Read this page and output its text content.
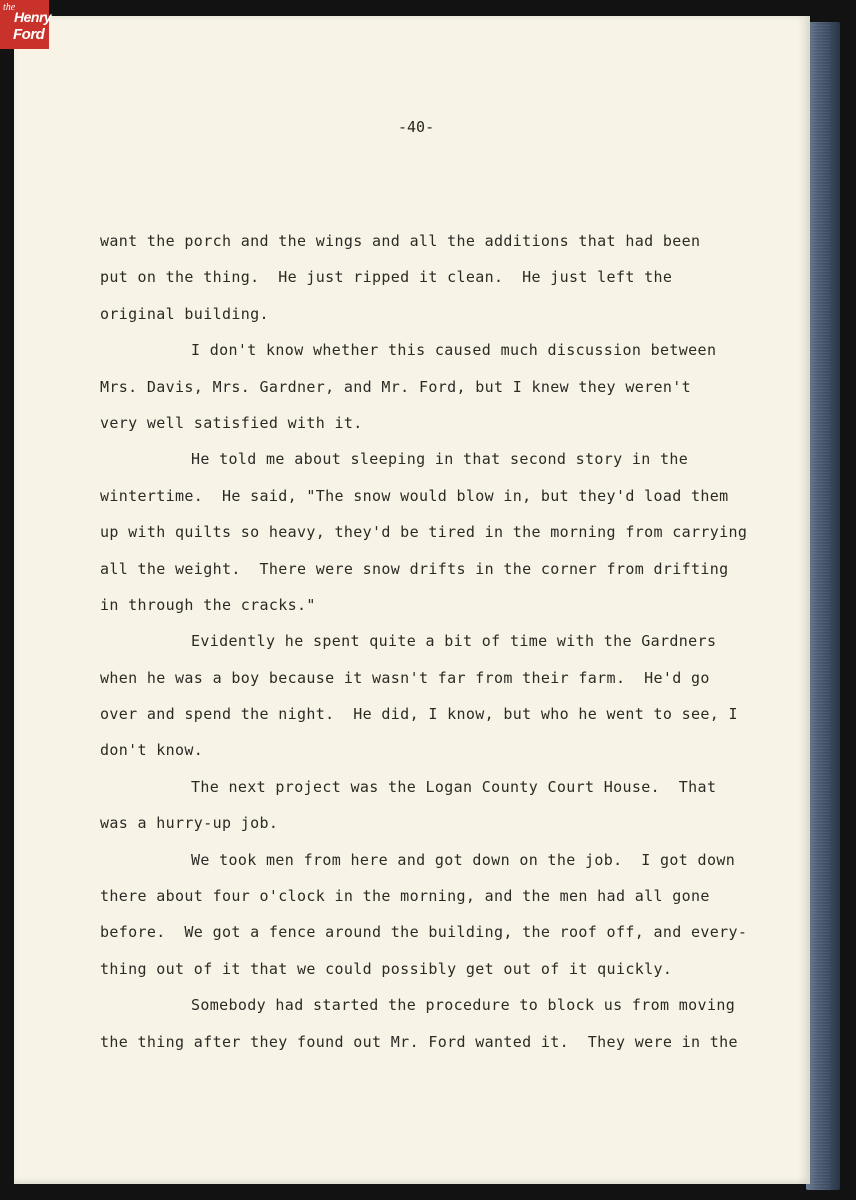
-40-
want the porch and the wings and all the additions that had been
put on the thing.  He just ripped it clean.  He just left the
original building.
I don't know whether this caused much discussion between
Mrs. Davis, Mrs. Gardner, and Mr. Ford, but I knew they weren't
very well satisfied with it.
He told me about sleeping in that second story in the
wintertime.  He said, "The snow would blow in, but they'd load them
up with quilts so heavy, they'd be tired in the morning from carrying
all the weight.  There were snow drifts in the corner from drifting
in through the cracks."
Evidently he spent quite a bit of time with the Gardners
when he was a boy because it wasn't far from their farm.  He'd go
over and spend the night.  He did, I know, but who he went to see, I
don't know.
The next project was the Logan County Court House.  That
was a hurry-up job.
We took men from here and got down on the job.  I got down
there about four o'clock in the morning, and the men had all gone
before.  We got a fence around the building, the roof off, and every-
thing out of it that we could possibly get out of it quickly.
Somebody had started the procedure to block us from moving
the thing after they found out Mr. Ford wanted it.  They were in the
the
Henry
Ford
